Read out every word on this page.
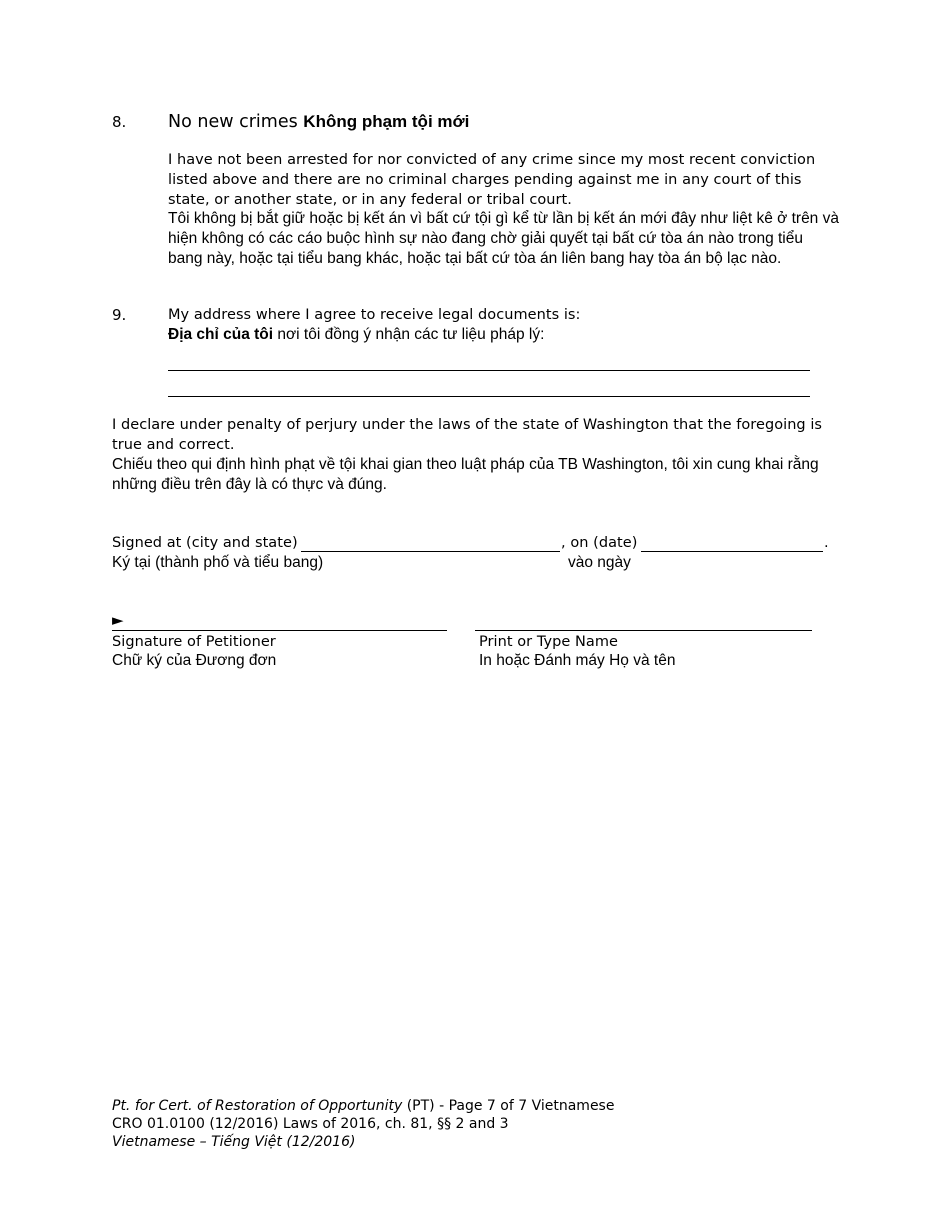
8. No new crimes Không phạm tội mới
I have not been arrested for nor convicted of any crime since my most recent conviction listed above and there are no criminal charges pending against me in any court of this state, or another state, or in any federal or tribal court.
Tôi không bị bắt giữ hoặc bị kết án vì bất cứ tội gì kể từ lần bị kết án mới đây như liệt kê ở trên và hiện không có các cáo buộc hình sự nào đang chờ giải quyết tại bất cứ tòa án nào trong tiểu bang này, hoặc tại tiểu bang khác, hoặc tại bất cứ tòa án liên bang hay tòa án bộ lạc nào.
9.	My address where I agree to receive legal documents is:
Địa chỉ của tôi nơi tôi đồng ý nhận các tư liệu pháp lý:
I declare under penalty of perjury under the laws of the state of Washington that the foregoing is true and correct.
Chiếu theo qui định hình phạt về tội khai gian theo luật pháp của TB Washington, tôi xin cung khai rằng những điều trên đây là có thực và đúng.
Signed at (city and state)	, on (date)	.
Ký tại (thành phố và tiểu bang)	vào ngày
►
Signature of Petitioner
Chữ ký của Đương đơn
Print or Type Name
In hoặc Đánh máy Họ và tên
Pt. for Cert. of Restoration of Opportunity (PT) - Page 7 of 7 Vietnamese
CRO 01.0100 (12/2016) Laws of 2016, ch. 81, §§ 2 and 3
Vietnamese – Tiếng Việt (12/2016)
